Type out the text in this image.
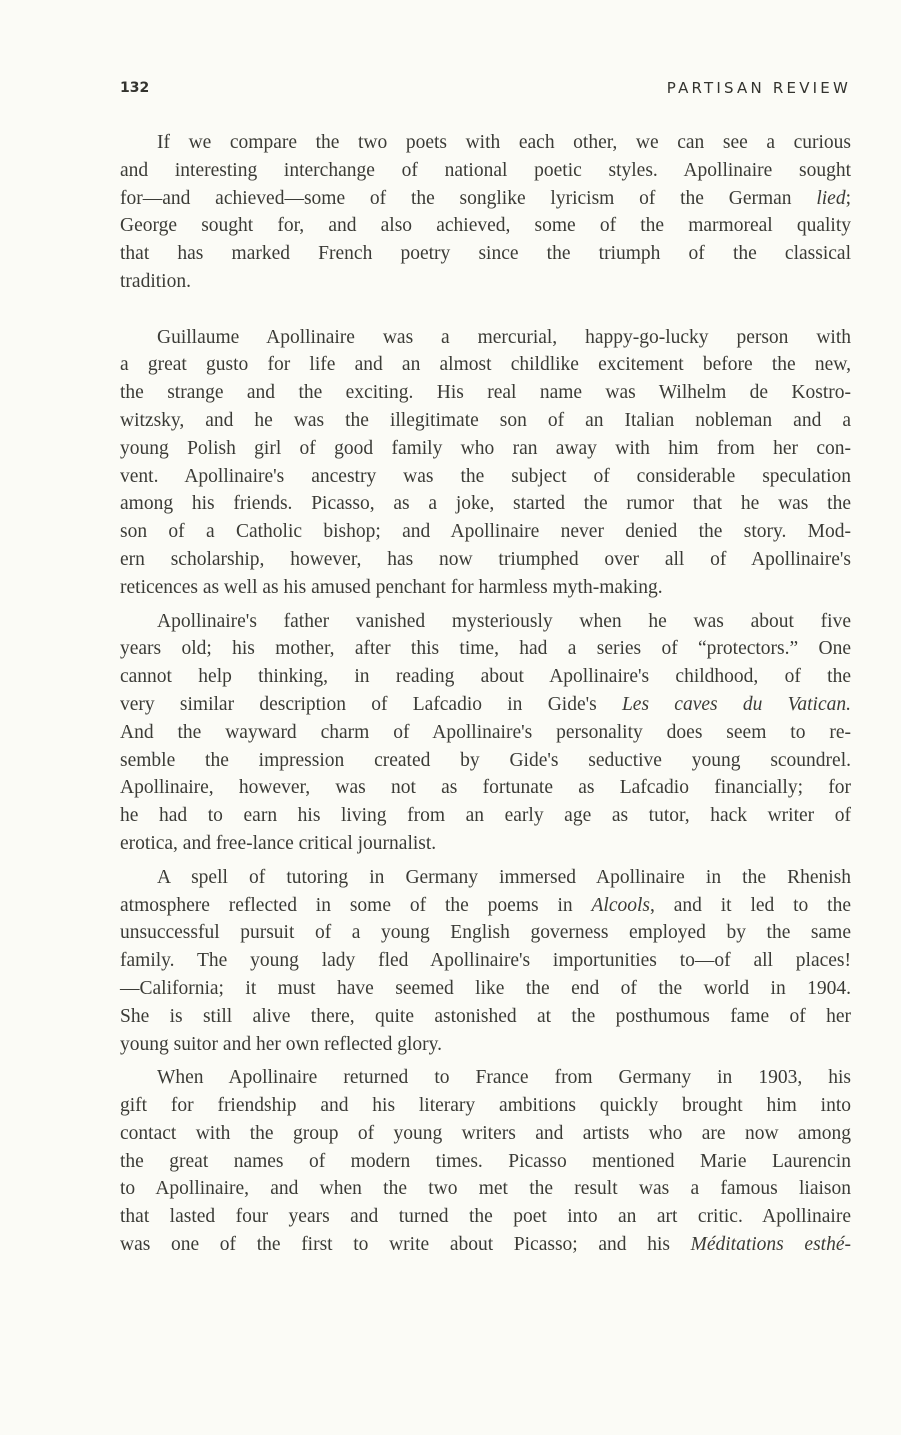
132	PARTISAN REVIEW
If we compare the two poets with each other, we can see a curious
and interesting interchange of national poetic styles. Apollinaire sought
for—and achieved—some of the songlike lyricism of the German lied;
George sought for, and also achieved, some of the marmoreal quality
that has marked French poetry since the triumph of the classical
tradition.
Guillaume Apollinaire was a mercurial, happy-go-lucky person with
a great gusto for life and an almost childlike excitement before the new,
the strange and the exciting. His real name was Wilhelm de Kostro-
witzsky, and he was the illegitimate son of an Italian nobleman and a
young Polish girl of good family who ran away with him from her con-
vent. Apollinaire's ancestry was the subject of considerable speculation
among his friends. Picasso, as a joke, started the rumor that he was the
son of a Catholic bishop; and Apollinaire never denied the story. Mod-
ern scholarship, however, has now triumphed over all of Apollinaire's
reticences as well as his amused penchant for harmless myth-making.
Apollinaire's father vanished mysteriously when he was about five
years old; his mother, after this time, had a series of “protectors.” One
cannot help thinking, in reading about Apollinaire's childhood, of the
very similar description of Lafcadio in Gide's Les caves du Vatican.
And the wayward charm of Apollinaire's personality does seem to re-
semble the impression created by Gide's seductive young scoundrel.
Apollinaire, however, was not as fortunate as Lafcadio financially; for
he had to earn his living from an early age as tutor, hack writer of
erotica, and free-lance critical journalist.
A spell of tutoring in Germany immersed Apollinaire in the Rhenish
atmosphere reflected in some of the poems in Alcools, and it led to the
unsuccessful pursuit of a young English governess employed by the same
family. The young lady fled Apollinaire's importunities to—of all places!
—California; it must have seemed like the end of the world in 1904.
She is still alive there, quite astonished at the posthumous fame of her
young suitor and her own reflected glory.
When Apollinaire returned to France from Germany in 1903, his
gift for friendship and his literary ambitions quickly brought him into
contact with the group of young writers and artists who are now among
the great names of modern times. Picasso mentioned Marie Laurencin
to Apollinaire, and when the two met the result was a famous liaison
that lasted four years and turned the poet into an art critic. Apollinaire
was one of the first to write about Picasso; and his Méditations esthé-
